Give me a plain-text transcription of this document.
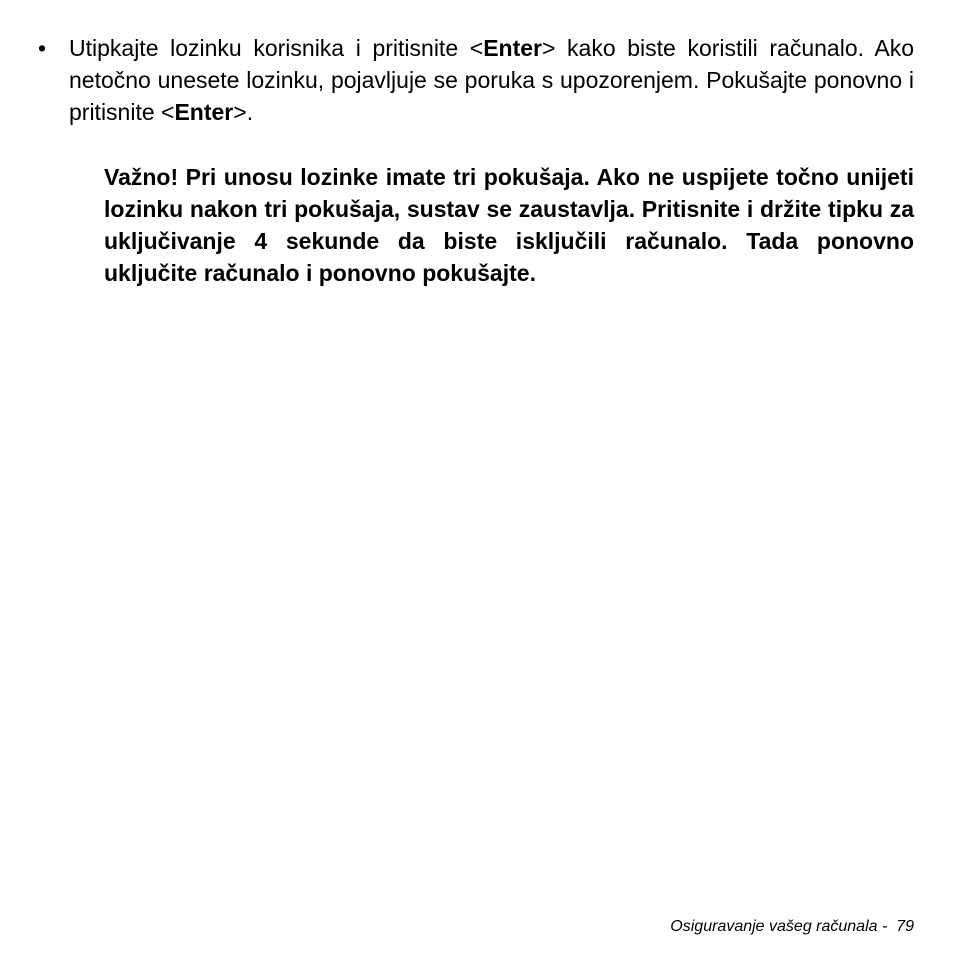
• Utipkajte lozinku korisnika i pritisnite <Enter> kako biste koristili računalo. Ako netočno unesete lozinku, pojavljuje se poruka s upozorenjem. Pokušajte ponovno i pritisnite <Enter>.

Važno! Pri unosu lozinke imate tri pokušaja. Ako ne uspijete točno unijeti lozinku nakon tri pokušaja, sustav se zaustavlja. Pritisnite i držite tipku za uključivanje 4 sekunde da biste isključili računalo. Tada ponovno uključite računalo i ponovno pokušajte.

Osiguravanje vašeg računala - 79
